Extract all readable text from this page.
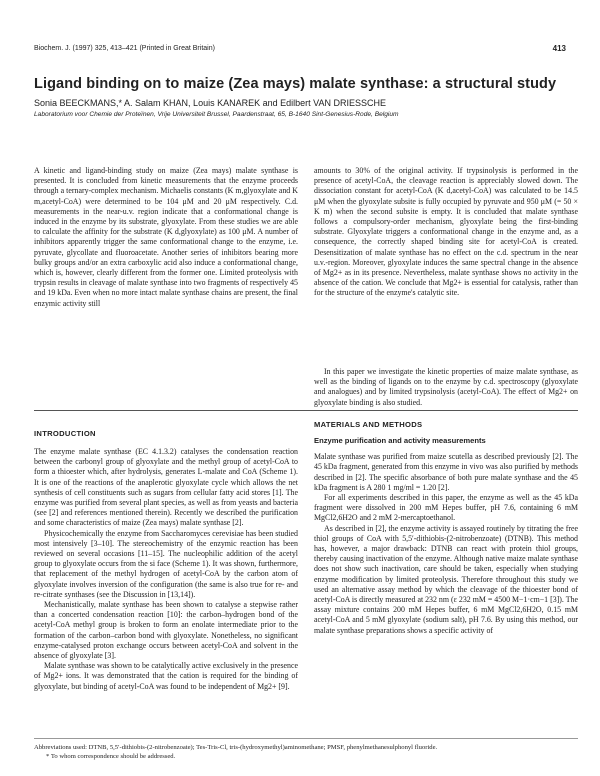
Biochem. J. (1997) 325, 413–421 (Printed in Great Britain)	413
Ligand binding on to maize (Zea mays) malate synthase: a structural study
Sonia BEECKMANS,* A. Salam KHAN, Louis KANAREK and Edilbert VAN DRIESSCHE
Laboratorium voor Chemie der Proteïnen, Vrije Universiteit Brussel, Paardenstraat, 65, B-1640 Sint-Genesius-Rode, Belgium

A kinetic and ligand-binding study on maize (Zea mays) malate synthase is presented. It is concluded from kinetic measurements that the enzyme proceeds through a ternary-complex mechanism. Michaelis constants (K m,glyoxylate and K m,acetyl-CoA) were determined to be 104 μM and 20 μM respectively. C.d. measurements in the near-u.v. region indicate that a conformational change is induced in the enzyme by its substrate, glyoxylate. From these studies we are able to calculate the affinity for the substrate (K d,glyoxylate) as 100 μM. A number of inhibitors apparently trigger the same conformational change to the enzyme, i.e. pyruvate, glycollate and fluoroacetate. Another series of inhibitors bearing more bulky groups and/or an extra carboxylic acid also induce a conformational change, which is, however, clearly different from the former one. Limited proteolysis with trypsin results in cleavage of malate synthase into two fragments of respectively 45 and 19 kDa. Even when no more intact malate synthase chains are present, the final enzymic activity still

amounts to 30% of the original activity. If trypsinolysis is performed in the presence of acetyl-CoA, the cleavage reaction is appreciably slowed down. The dissociation constant for acetyl-CoA (K d,acetyl-CoA) was calculated to be 14.5 μM when the glyoxylate subsite is fully occupied by pyruvate and 950 μM (= 50 × K m) when the second subsite is empty. It is concluded that malate synthase follows a compulsory-order mechanism, glyoxylate being the first-binding substrate. Glyoxylate triggers a conformational change in the enzyme and, as a consequence, the correctly shaped binding site for acetyl-CoA is created. Desensitization of malate synthase has no effect on the c.d. spectrum in the near u.v.-region. Moreover, glyoxylate induces the same spectral change in the absence of Mg2+ as in its presence. Nevertheless, malate synthase shows no activity in the absence of the cation. We conclude that Mg2+ is essential for catalysis, rather than for the structure of the enzyme's catalytic site.

INTRODUCTION

The enzyme malate synthase (EC 4.1.3.2) catalyses the condensation reaction between the carbonyl group of glyoxylate and the methyl group of acetyl-CoA to form a thioester which, after hydrolysis, generates L-malate and CoA (Scheme 1). It is one of the reactions of the anaplerotic glyoxylate cycle which allows the net synthesis of cell constituents such as sugars from cellular fatty acid stores [1]. The enzyme was purified from several plant species, as well as from yeasts and bacteria (see [2] and references mentioned therein). Recently we described the purification and some characteristics of maize (Zea mays) malate synthase [2].

Physicochemically the enzyme from Saccharomyces cerevisiae has been studied most intensively [3–10]. The stereochemistry of the enzymic reaction has been reviewed on several occasions [11–15]. The nucleophilic addition of the acetyl group to glyoxylate occurs from the si face (Scheme 1). It was shown, furthermore, that replacement of the methyl hydrogen of acetyl-CoA by the carbon atom of glyoxylate involves inversion of the configuration (the same is also true for re- and re-citrate synthases (see the Discussion in [13,14]).

Mechanistically, malate synthase has been shown to catalyse a stepwise rather than a concerted condensation reaction [10]: the carbon–hydrogen bond of the acetyl-CoA methyl group is broken to form an enolate intermediate prior to the formation of the carbon–carbon bond with glyoxylate. Nonetheless, no significant enzyme-catalysed proton exchange occurs between acetyl-CoA and solvent in the absence of glyoxylate [3].

Malate synthase was shown to be catalytically active exclusively in the presence of Mg2+ ions. It was demonstrated that the cation is required for the binding of glyoxylate, but binding of acetyl-CoA was found to be independent of Mg2+ [9].

In this paper we investigate the kinetic properties of maize malate synthase, as well as the binding of ligands on to the enzyme by c.d. spectroscopy (glyoxylate and analogues) and by limited trypsinolysis (acetyl-CoA). The effect of Mg2+ on glyoxylate binding is also studied.

MATERIALS AND METHODS

Enzyme purification and activity measurements

Malate synthase was purified from maize scutella as described previously [2]. The 45 kDa fragment, generated from this enzyme in vivo was also purified by methods described in [2]. The specific absorbance of both pure malate synthase and the 45 kDa fragment is A 280 1 mg/ml = 1.20 [2].

For all experiments described in this paper, the enzyme as well as the 45 kDa fragment were dissolved in 200 mM Hepes buffer, pH 7.6, containing 6 mM MgCl2,6H2O and 2 mM 2-mercaptoethanol.

As described in [2], the enzyme activity is assayed routinely by titrating the free thiol groups of CoA with 5,5′-dithiobis-(2-nitrobenzoate) (DTNB). This method has, however, a major drawback: DTNB can react with protein thiol groups, thereby causing inactivation of the enzyme. Although native maize malate synthase does not show such inactivation, care should be taken, especially when studying enzyme modification by limited proteolysis. Therefore throughout this study we used an alternative assay method by which the cleavage of the thioester bond of acetyl-CoA is directly measured at 232 nm (ε 232 mM = 4500 M−1·cm−1 [3]). The assay mixture contains 200 mM Hepes buffer, 6 mM MgCl2,6H2O, 0.15 mM acetyl-CoA and 5 mM glyoxylate (sodium salt), pH 7.6. By using this method, our malate synthase preparations shows a specific activity of

Abbreviations used: DTNB, 5,5′-dithiobis-(2-nitrobenzoate); Tes-Tris-Cl, tris-(hydroxymethyl)aminomethane; PMSF, phenylmethanesulphonyl fluoride.
* To whom correspondence should be addressed.
